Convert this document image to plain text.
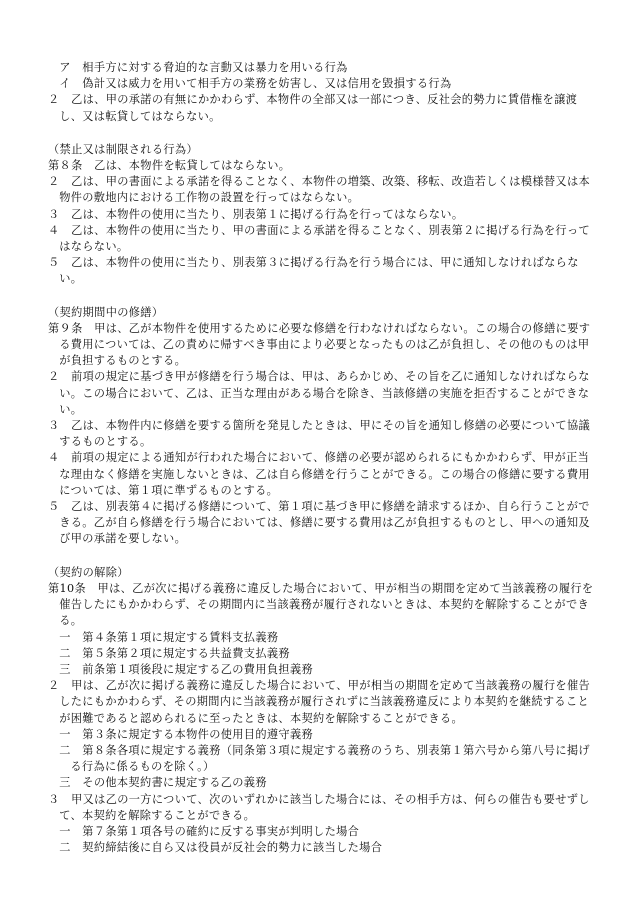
ア　相手方に対する脅迫的な言動又は暴力を用いる行為

イ　偽計又は威力を用いて相手方の業務を妨害し、又は信用を毀損する行為

２　乙は、甲の承諾の有無にかかわらず、本物件の全部又は一部につき、反社会的勢力に賃借権を譲渡し、又は転貸してはならない。

（禁止又は制限される行為）

第８条　乙は、本物件を転貸してはならない。

２　乙は、甲の書面による承諾を得ることなく、本物件の増築、改築、移転、改造若しくは模様替又は本物件の敷地内における工作物の設置を行ってはならない。

３　乙は、本物件の使用に当たり、別表第１に掲げる行為を行ってはならない。

４　乙は、本物件の使用に当たり、甲の書面による承諾を得ることなく、別表第２に掲げる行為を行ってはならない。

５　乙は、本物件の使用に当たり、別表第３に掲げる行為を行う場合には、甲に通知しなければならない。

（契約期間中の修繕）

第９条　甲は、乙が本物件を使用するために必要な修繕を行わなければならない。この場合の修繕に要する費用については、乙の責めに帰すべき事由により必要となったものは乙が負担し、その他のものは甲が負担するものとする。

２　前項の規定に基づき甲が修繕を行う場合は、甲は、あらかじめ、その旨を乙に通知しなければならない。この場合において、乙は、正当な理由がある場合を除き、当該修繕の実施を拒否することができない。

３　乙は、本物件内に修繕を要する箇所を発見したときは、甲にその旨を通知し修繕の必要について協議するものとする。

４　前項の規定による通知が行われた場合において、修繕の必要が認められるにもかかわらず、甲が正当な理由なく修繕を実施しないときは、乙は自ら修繕を行うことができる。この場合の修繕に要する費用については、第１項に準ずるものとする。

５　乙は、別表第４に掲げる修繕について、第１項に基づき甲に修繕を請求するほか、自ら行うことができる。乙が自ら修繕を行う場合においては、修繕に要する費用は乙が負担するものとし、甲への通知及び甲の承諾を要しない。

（契約の解除）

第10条　甲は、乙が次に掲げる義務に違反した場合において、甲が相当の期間を定めて当該義務の履行を催告したにもかかわらず、その期間内に当該義務が履行されないときは、本契約を解除することができる。

一　第４条第１項に規定する賃料支払義務

二　第５条第２項に規定する共益費支払義務

三　前条第１項後段に規定する乙の費用負担義務

２　甲は、乙が次に掲げる義務に違反した場合において、甲が相当の期間を定めて当該義務の履行を催告したにもかかわらず、その期間内に当該義務が履行されずに当該義務違反により本契約を継続することが困難であると認められるに至ったときは、本契約を解除することができる。

一　第３条に規定する本物件の使用目的遵守義務

二　第８条各項に規定する義務（同条第３項に規定する義務のうち、別表第１第六号から第八号に掲げる行為に係るものを除く。）

三　その他本契約書に規定する乙の義務

３　甲又は乙の一方について、次のいずれかに該当した場合には、その相手方は、何らの催告も要せずして、本契約を解除することができる。

一　第７条第１項各号の確約に反する事実が判明した場合

二　契約締結後に自ら又は役員が反社会的勢力に該当した場合
